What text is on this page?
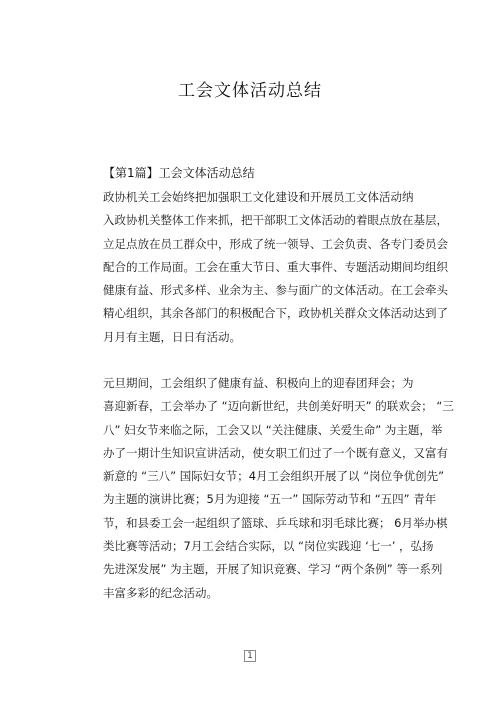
工会文体活动总结
【第1篇】工会文体活动总结
政协机关工会始终把加强职工文化建设和开展员工文体活动纳
入政协机关整体工作来抓，把干部职工文体活动的着眼点放在基层，
立足点放在员工群众中，形成了统一领导、工会负责、各专门委员会
配合的工作局面。工会在重大节日、重大事件、专题活动期间均组织
健康有益、形式多样、业余为主、参与面广的文体活动。在工会牵头
精心组织，其余各部门的积极配合下，政协机关群众文体活动达到了
月月有主题，日日有活动。
元旦期间，工会组织了健康有益、积极向上的迎春团拜会；为
喜迎新春，工会举办了 “迈向新世纪，共创美好明天” 的联欢会； “三
八” 妇女节来临之际，工会又以 “关注健康、关爱生命” 为主题，举
办了一期计生知识宣讲活动，使女职工们过了一个既有意义，又富有
新意的 “三八” 国际妇女节；4月工会组织开展了以 “岗位争优创先”
为主题的演讲比赛；5月为迎接 “五一” 国际劳动节和 “五四” 青年
节，和县委工会一起组织了篮球、乒乓球和羽毛球比赛； 6月举办棋
类比赛等活动；7月工会结合实际，以 “岗位实践迎 ‘七一’ ，弘扬
先进深发展” 为主题，开展了知识竞赛、学习 “两个条例” 等一系列
丰富多彩的纪念活动。
1
